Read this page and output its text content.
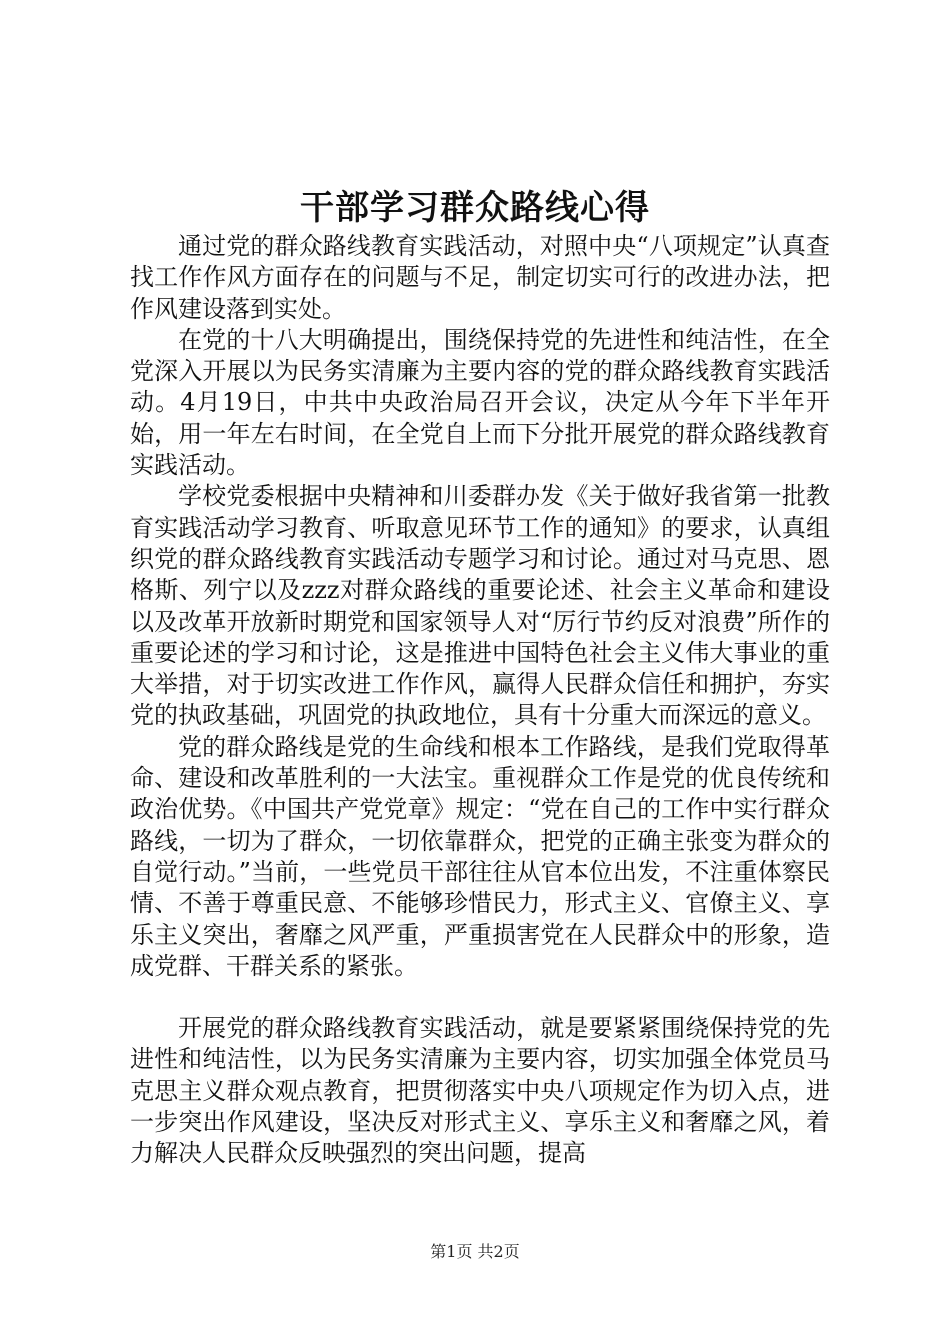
干部学习群众路线心得

通过党的群众路线教育实践活动，对照中央“八项规定”认真查找工作作风方面存在的问题与不足，制定切实可行的改进办法，把作风建设落到实处。

在党的十八大明确提出，围绕保持党的先进性和纯洁性，在全党深入开展以为民务实清廉为主要内容的党的群众路线教育实践活动。4月19日，中共中央政治局召开会议，决定从今年下半年开始，用一年左右时间，在全党自上而下分批开展党的群众路线教育实践活动。

学校党委根据中央精神和川委群办发《关于做好我省第一批教育实践活动学习教育、听取意见环节工作的通知》的要求，认真组织党的群众路线教育实践活动专题学习和讨论。通过对马克思、恩格斯、列宁以及zzz对群众路线的重要论述、社会主义革命和建设以及改革开放新时期党和国家领导人对“厉行节约反对浪费”所作的重要论述的学习和讨论，这是推进中国特色社会主义伟大事业的重大举措，对于切实改进工作作风，赢得人民群众信任和拥护，夯实党的执政基础，巩固党的执政地位，具有十分重大而深远的意义。

党的群众路线是党的生命线和根本工作路线，是我们党取得革命、建设和改革胜利的一大法宝。重视群众工作是党的优良传统和政治优势。《中国共产党党章》规定：“党在自己的工作中实行群众路线，一切为了群众，一切依靠群众，把党的正确主张变为群众的自觉行动。”当前，一些党员干部往往从官本位出发，不注重体察民情、不善于尊重民意、不能够珍惜民力，形式主义、官僚主义、享乐主义突出，奢靡之风严重，严重损害党在人民群众中的形象，造成党群、干群关系的紧张。

开展党的群众路线教育实践活动，就是要紧紧围绕保持党的先进性和纯洁性，以为民务实清廉为主要内容，切实加强全体党员马克思主义群众观点教育，把贯彻落实中央八项规定作为切入点，进一步突出作风建设，坚决反对形式主义、享乐主义和奢靡之风，着力解决人民群众反映强烈的突出问题，提高

第1页 共2页
